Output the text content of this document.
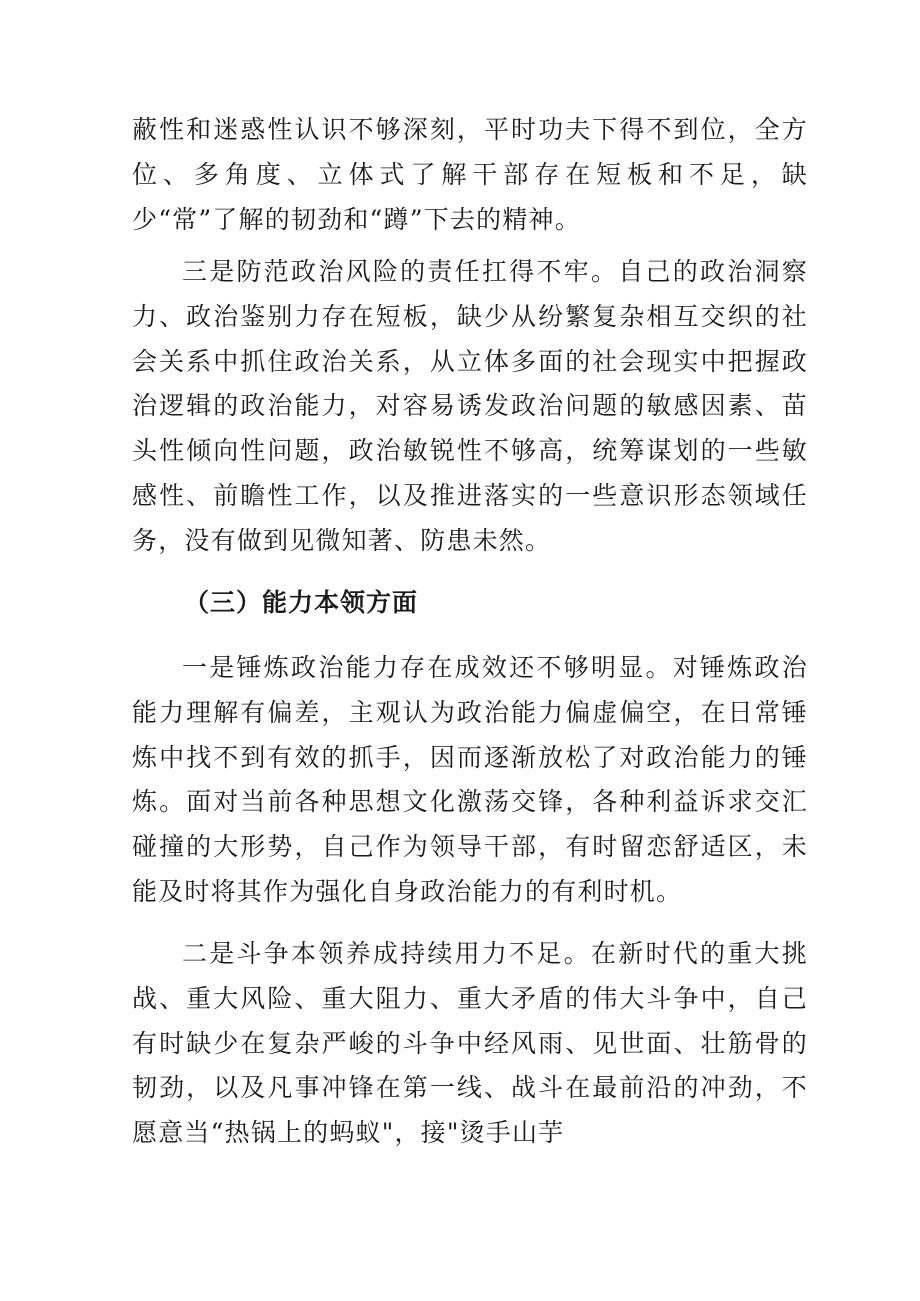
蔽性和迷惑性认识不够深刻，平时功夫下得不到位，全方位、多角度、立体式了解干部存在短板和不足，缺少“常”了解的韧劲和“蹲”下去的精神。

三是防范政治风险的责任扛得不牢。自己的政治洞察力、政治鉴别力存在短板，缺少从纷繁复杂相互交织的社会关系中抓住政治关系，从立体多面的社会现实中把握政治逻辑的政治能力，对容易诱发政治问题的敏感因素、苗头性倾向性问题，政治敏锐性不够高，统筹谋划的一些敏感性、前瞻性工作，以及推进落实的一些意识形态领域任务，没有做到见微知著、防患未然。

（三）能力本领方面

一是锤炼政治能力存在成效还不够明显。对锤炼政治能力理解有偏差，主观认为政治能力偏虚偏空，在日常锤炼中找不到有效的抓手，因而逐渐放松了对政治能力的锤炼。面对当前各种思想文化激荡交锋，各种利益诉求交汇碰撞的大形势，自己作为领导干部，有时留恋舒适区，未能及时将其作为强化自身政治能力的有利时机。

二是斗争本领养成持续用力不足。在新时代的重大挑战、重大风险、重大阻力、重大矛盾的伟大斗争中，自己有时缺少在复杂严峻的斗争中经风雨、见世面、壮筋骨的韧劲，以及凡事冲锋在第一线、战斗在最前沿的冲劲，不愿意当“热锅上的蚂蚁"，接"烫手山芋
